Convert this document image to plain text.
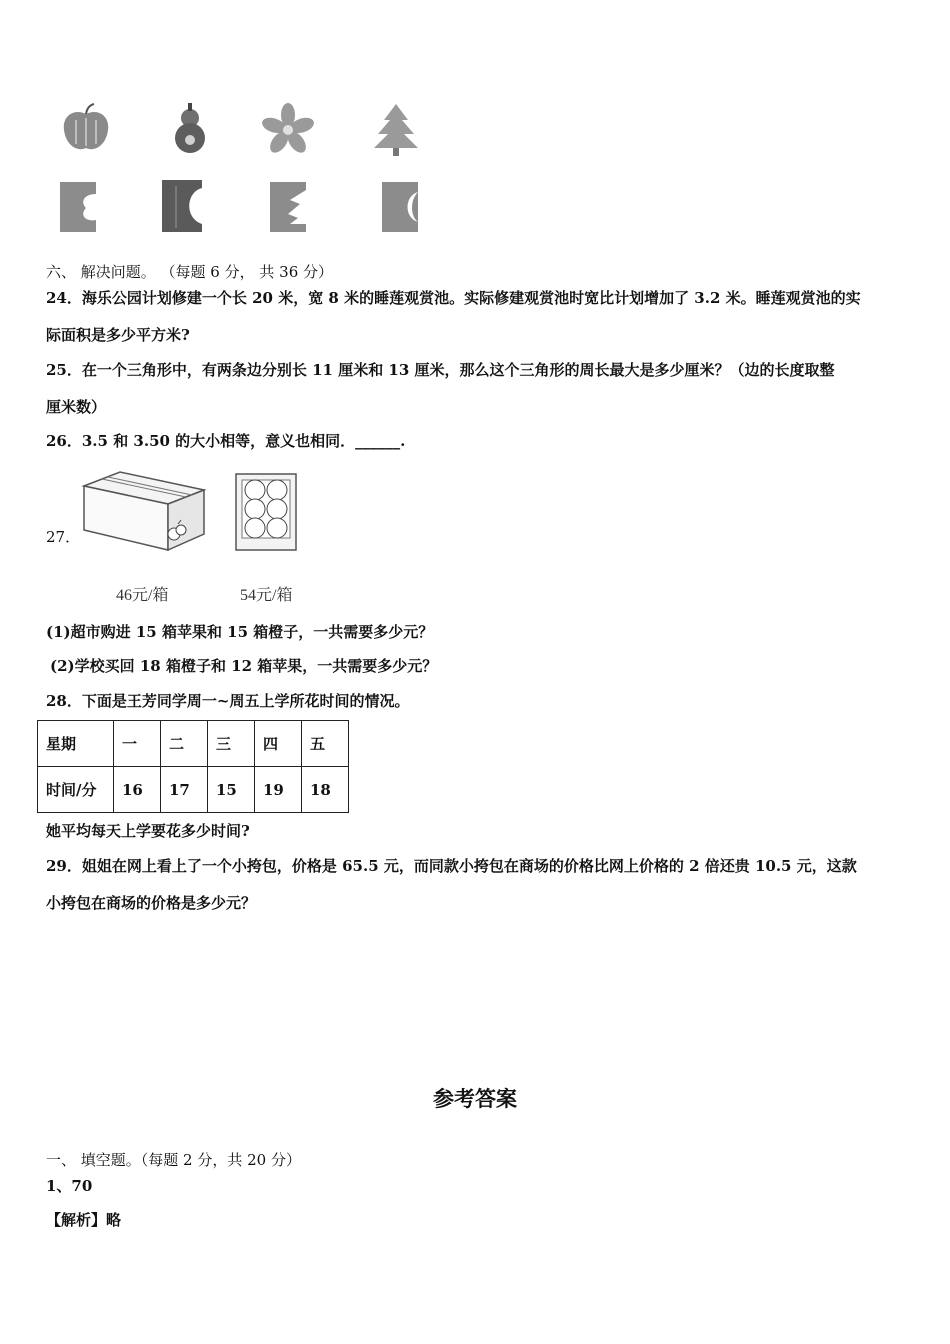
六、 解决问题。 （每题 6 分， 共 36 分）
24．海乐公园计划修建一个长 20 米，宽 8 米的睡莲观赏池。实际修建观赏池时宽比计划增加了 3.2 米。睡莲观赏池的实
际面积是多少平方米?
25．在一个三角形中，有两条边分别长 11 厘米和 13 厘米，那么这个三角形的周长最大是多少厘米？（边的长度取整
厘米数）
26．3.5 和 3.50 的大小相等，意义也相同．______.
27．
46元/箱	54元/箱
(1)超市购进 15 箱苹果和 15 箱橙子，一共需要多少元？
(2)学校买回 18 箱橙子和 12 箱苹果，一共需要多少元？
28．下面是王芳同学周一~周五上学所花时间的情况。
星期	一	二	三	四	五
时间/分	16	17	15	19	18
她平均每天上学要花多少时间?
29．姐姐在网上看上了一个小挎包，价格是 65.5 元，而同款小挎包在商场的价格比网上价格的 2 倍还贵 10.5 元，这款
小挎包在商场的价格是多少元？
参考答案
一、 填空题。（每题 2 分，共 20 分）
1、70
【解析】略
